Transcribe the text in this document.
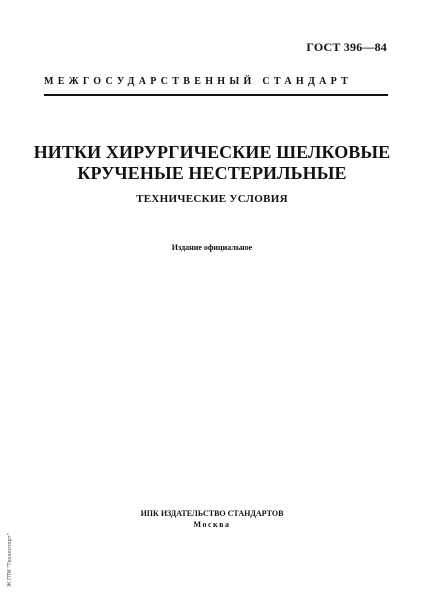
ГОСТ 396—84
МЕЖГОСУДАРСТВЕННЫЙ СТАНДАРТ
НИТКИ ХИРУРГИЧЕСКИЕ ШЕЛКОВЫЕ
КРУЧЕНЫЕ НЕСТЕРИЛЬНЫЕ
ТЕХНИЧЕСКИЕ УСЛОВИЯ
Издание официальное
ИПК ИЗДАТЕЛЬСТВО СТАНДАРТОВ
Москва
Ж ПТИ "Техэкспорт"
